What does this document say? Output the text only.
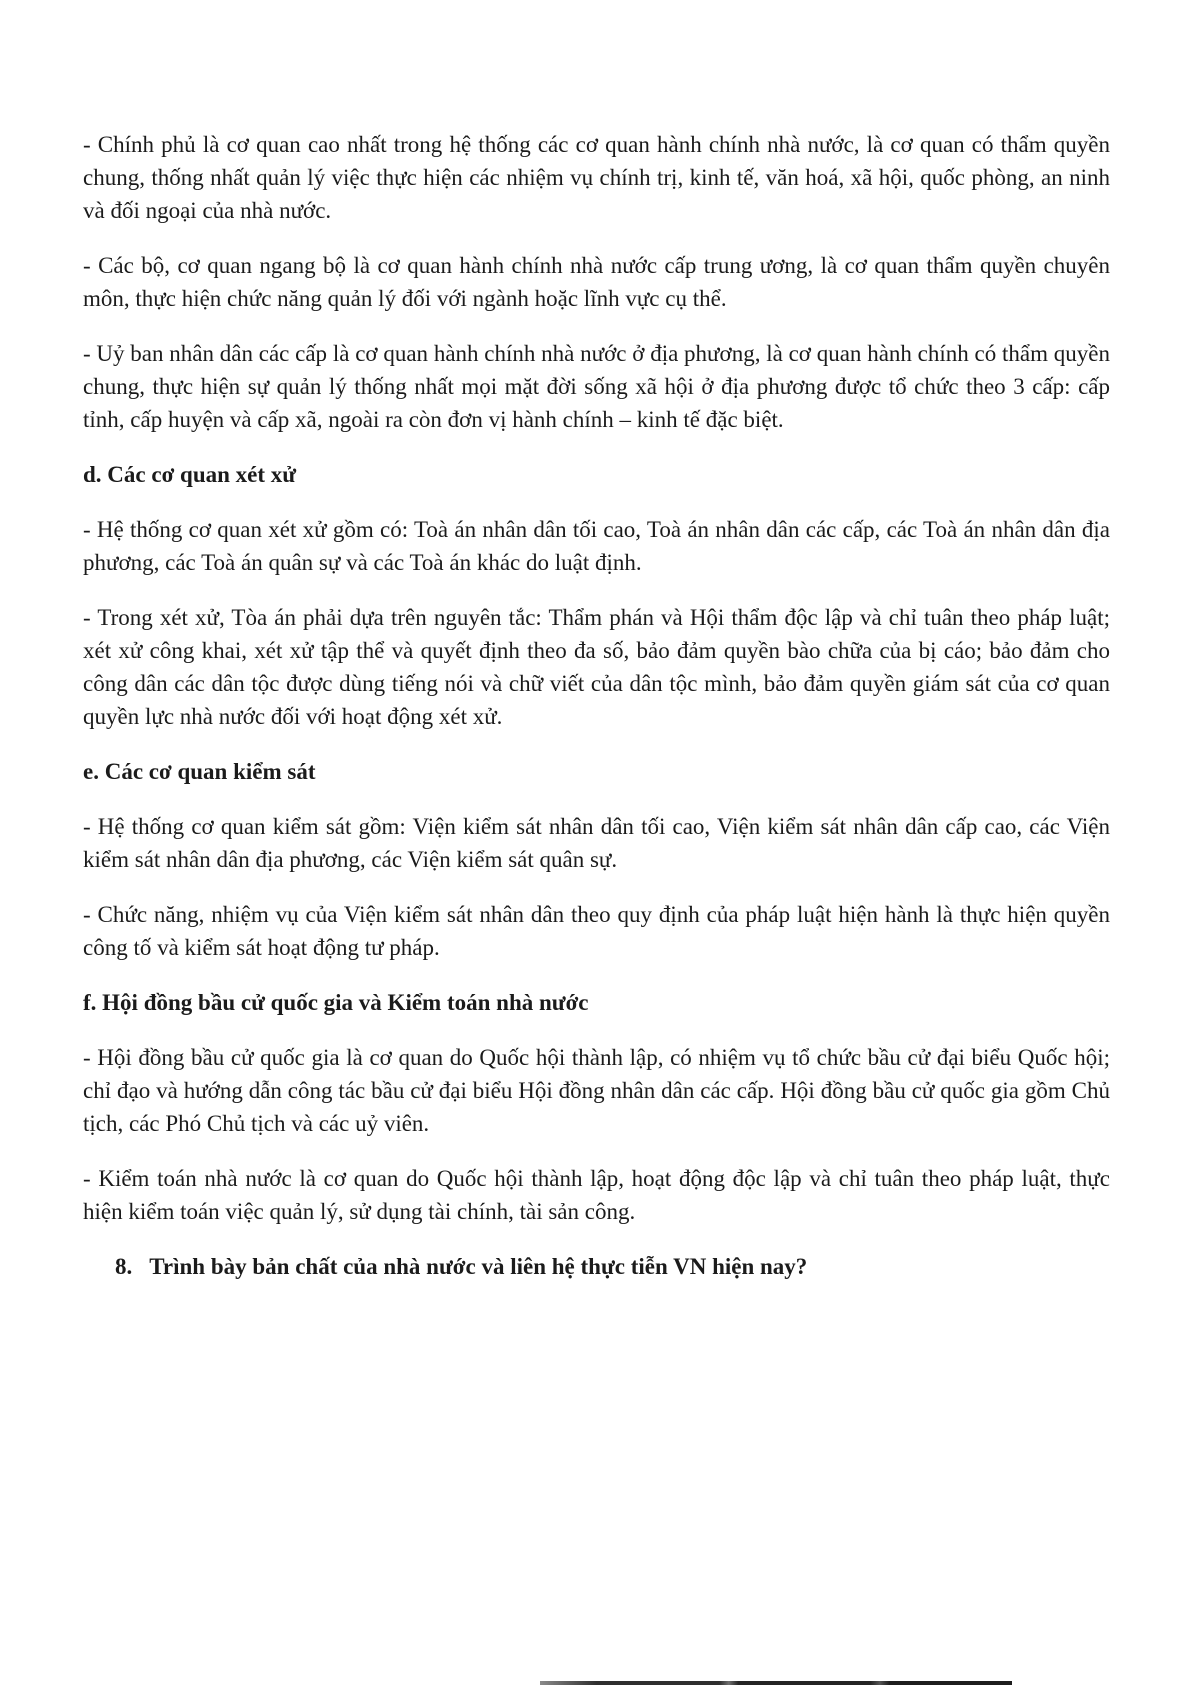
- Chính phủ là cơ quan cao nhất trong hệ thống các cơ quan hành chính nhà nước, là cơ quan có thẩm quyền chung, thống nhất quản lý việc thực hiện các nhiệm vụ chính trị, kinh tế, văn hoá, xã hội, quốc phòng, an ninh và đối ngoại của nhà nước.

- Các bộ, cơ quan ngang bộ là cơ quan hành chính nhà nước cấp trung ương, là cơ quan thẩm quyền chuyên môn, thực hiện chức năng quản lý đối với ngành hoặc lĩnh vực cụ thể.

- Uỷ ban nhân dân các cấp là cơ quan hành chính nhà nước ở địa phương, là cơ quan hành chính có thẩm quyền chung, thực hiện sự quản lý thống nhất mọi mặt đời sống xã hội ở địa phương được tổ chức theo 3 cấp: cấp tỉnh, cấp huyện và cấp xã, ngoài ra còn đơn vị hành chính – kinh tế đặc biệt.

d. Các cơ quan xét xử

- Hệ thống cơ quan xét xử gồm có: Toà án nhân dân tối cao, Toà án nhân dân các cấp, các Toà án nhân dân địa phương, các Toà án quân sự và các Toà án khác do luật định.

- Trong xét xử, Tòa án phải dựa trên nguyên tắc: Thẩm phán và Hội thẩm độc lập và chỉ tuân theo pháp luật; xét xử công khai, xét xử tập thể và quyết định theo đa số, bảo đảm quyền bào chữa của bị cáo; bảo đảm cho công dân các dân tộc được dùng tiếng nói và chữ viết của dân tộc mình, bảo đảm quyền giám sát của cơ quan quyền lực nhà nước đối với hoạt động xét xử.

e. Các cơ quan kiểm sát

- Hệ thống cơ quan kiểm sát gồm: Viện kiểm sát nhân dân tối cao, Viện kiểm sát nhân dân cấp cao, các Viện kiểm sát nhân dân địa phương, các Viện kiểm sát quân sự.

- Chức năng, nhiệm vụ của Viện kiểm sát nhân dân theo quy định của pháp luật hiện hành là thực hiện quyền công tố và kiểm sát hoạt động tư pháp.

f. Hội đồng bầu cử quốc gia và Kiểm toán nhà nước

- Hội đồng bầu cử quốc gia là cơ quan do Quốc hội thành lập, có nhiệm vụ tổ chức bầu cử đại biểu Quốc hội; chỉ đạo và hướng dẫn công tác bầu cử đại biểu Hội đồng nhân dân các cấp. Hội đồng bầu cử quốc gia gồm Chủ tịch, các Phó Chủ tịch và các uỷ viên.

- Kiểm toán nhà nước là cơ quan do Quốc hội thành lập, hoạt động độc lập và chỉ tuân theo pháp luật, thực hiện kiểm toán việc quản lý, sử dụng tài chính, tài sản công.

8. Trình bày bản chất của nhà nước và liên hệ thực tiễn VN hiện nay?
